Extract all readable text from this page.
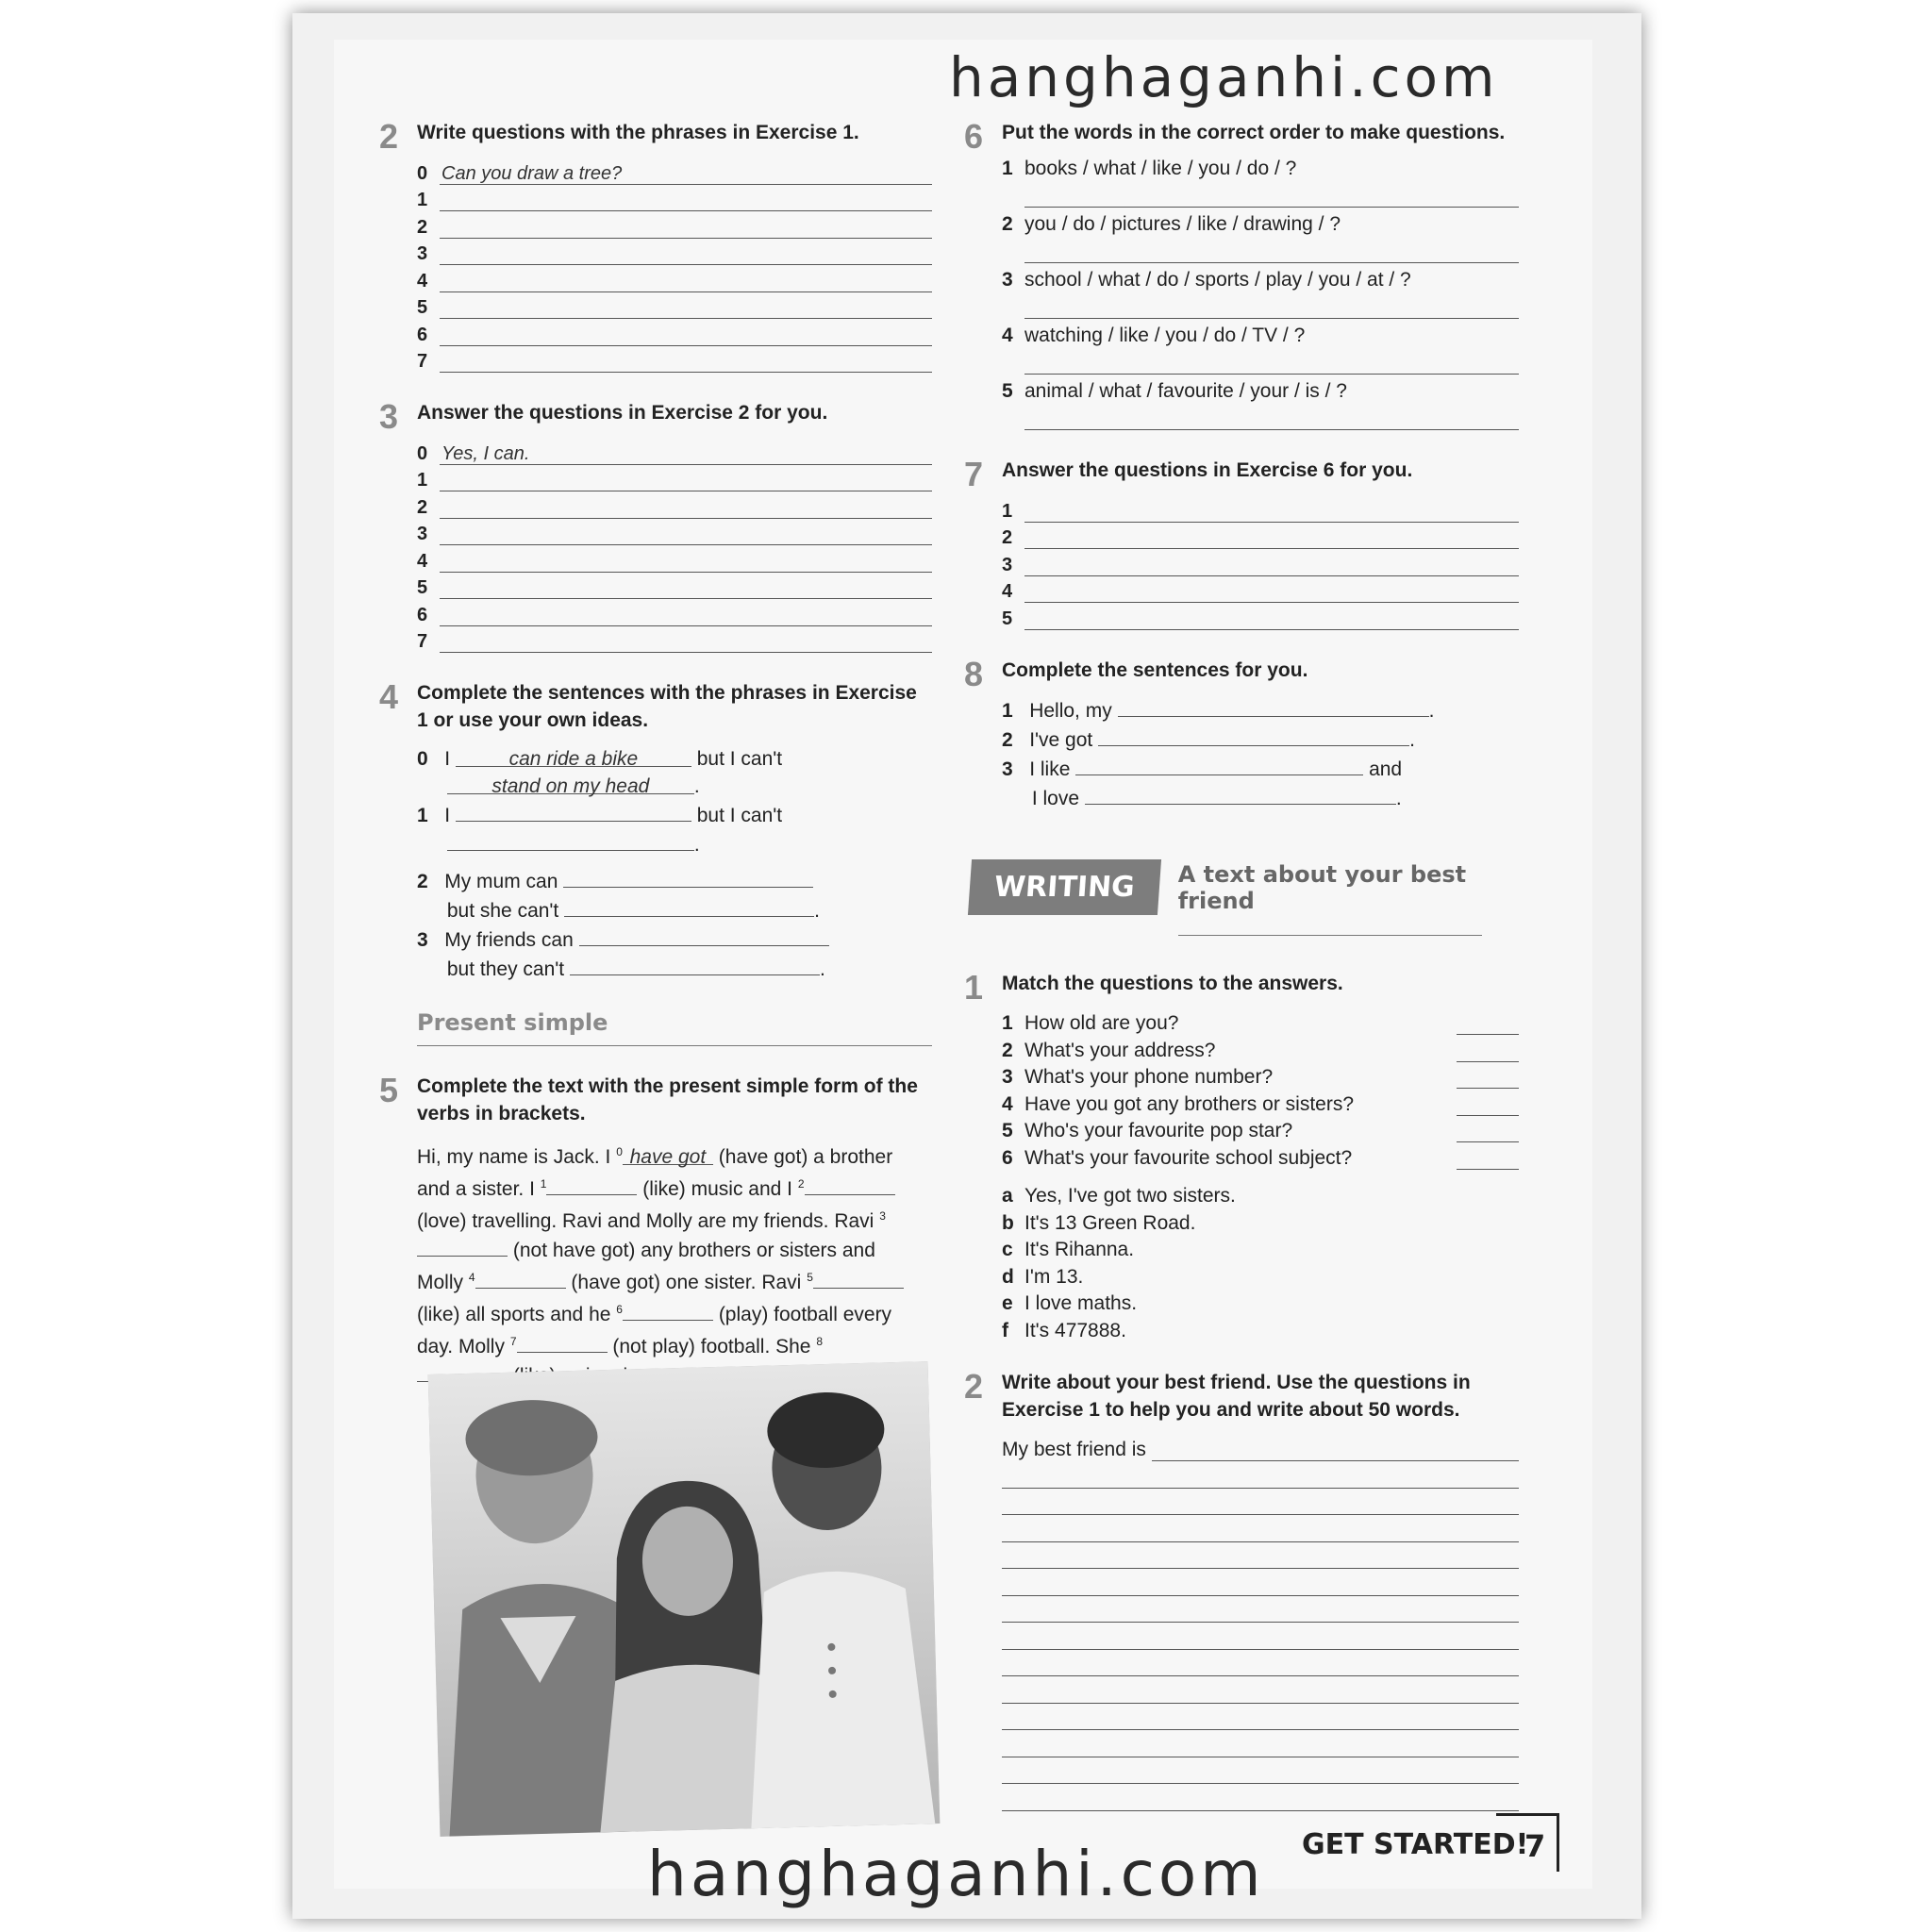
hanghaganhi.com
2 Write questions with the phrases in Exercise 1.
0 Can you draw a tree?
1
2
3
4
5
6
7
3 Answer the questions in Exercise 2 for you.
0 Yes, I can.
1
2
3
4
5
6
7
4 Complete the sentences with the phrases in Exercise 1 or use your own ideas.
0 I	can ride a bike	but I can't
stand on my head .
1 I	but I can't
.
2 My mum can
but she can't	.
3 My friends can
but they can't	.
Present simple
5 Complete the text with the present simple form of the verbs in brackets.
Hi, my name is Jack. I $^0$ have got (have got) a brother and a sister. I $^1$	(like) music and I $^2$ (love) travelling. Ravi and Molly are my friends. Ravi $^3$ (not have got) any brothers or sisters and Molly $^4$	(have got) one sister. Ravi $^5$ (like) all sports and he $^6$	(play) football every day. Molly $^7$	(not play) football. She $^8$
6 Put the words in the correct order to make questions.
1 books / what / like / you / do / ?
2 you / do / pictures / like / drawing / ?
3 school / what / do / sports / play / you / at / ?
4 watching / like / you / do / TV / ?
5 animal / what / favourite / your / is / ?
7 Answer the questions in Exercise 6 for you.
1
2
3
4
5
8 Complete the sentences for you.
1 Hello, my	.
2 I've got	.
3 I like	and
I love	.
WRITING	A text about your best friend
1 Match the questions to the answers.
1 How old are you?
2 What's your address?
3 What's your phone number?
4 Have you got any brothers or sisters?
5 Who's your favourite pop star?
6 What's your favourite school subject?
a Yes, I've got two sisters.
b It's 13 Green Road.
c It's Rihanna.
d I'm 13.
e I love maths.
f It's 477888.
2 Write about your best friend. Use the questions in Exercise 1 to help you and write about 50 words.
My best friend is
GET STARTED!
7
hanghaganhi.com
